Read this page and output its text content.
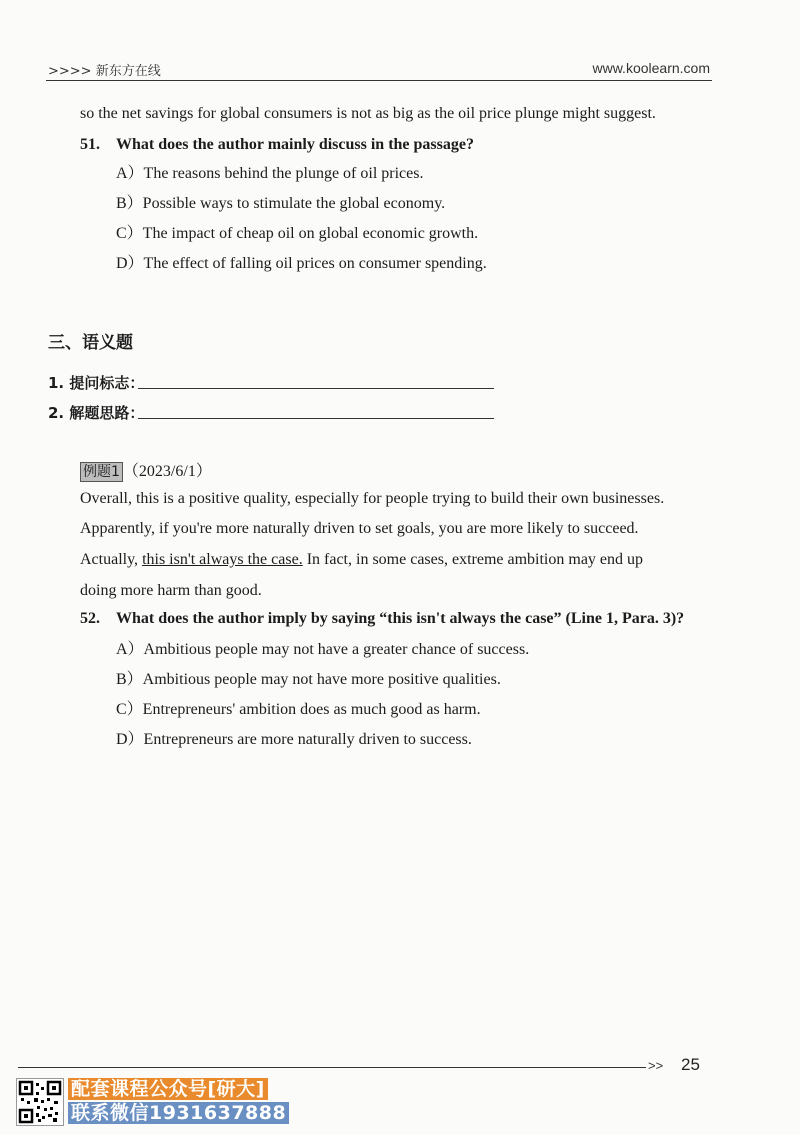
>>>> 新东方在线	www.koolearn.com
so the net savings for global consumers is not as big as the oil price plunge might suggest.
51. What does the author mainly discuss in the passage?
A）The reasons behind the plunge of oil prices.
B）Possible ways to stimulate the global economy.
C）The impact of cheap oil on global economic growth.
D）The effect of falling oil prices on consumer spending.
三、语义题
1. 提问标志：
2. 解题思路：
例题1 （2023/6/1）
Overall, this is a positive quality, especially for people trying to build their own businesses.
Apparently, if you're more naturally driven to set goals, you are more likely to succeed.
Actually, this isn't always the case. In fact, in some cases, extreme ambition may end up
doing more harm than good.
52. What does the author imply by saying “this isn't always the case” (Line 1, Para. 3)?
A）Ambitious people may not have a greater chance of success.
B）Ambitious people may not have more positive qualities.
C）Entrepreneurs' ambition does as much good as harm.
D）Entrepreneurs are more naturally driven to success.
>> 25
配套课程公众号[研大]
联系微信1931637888
